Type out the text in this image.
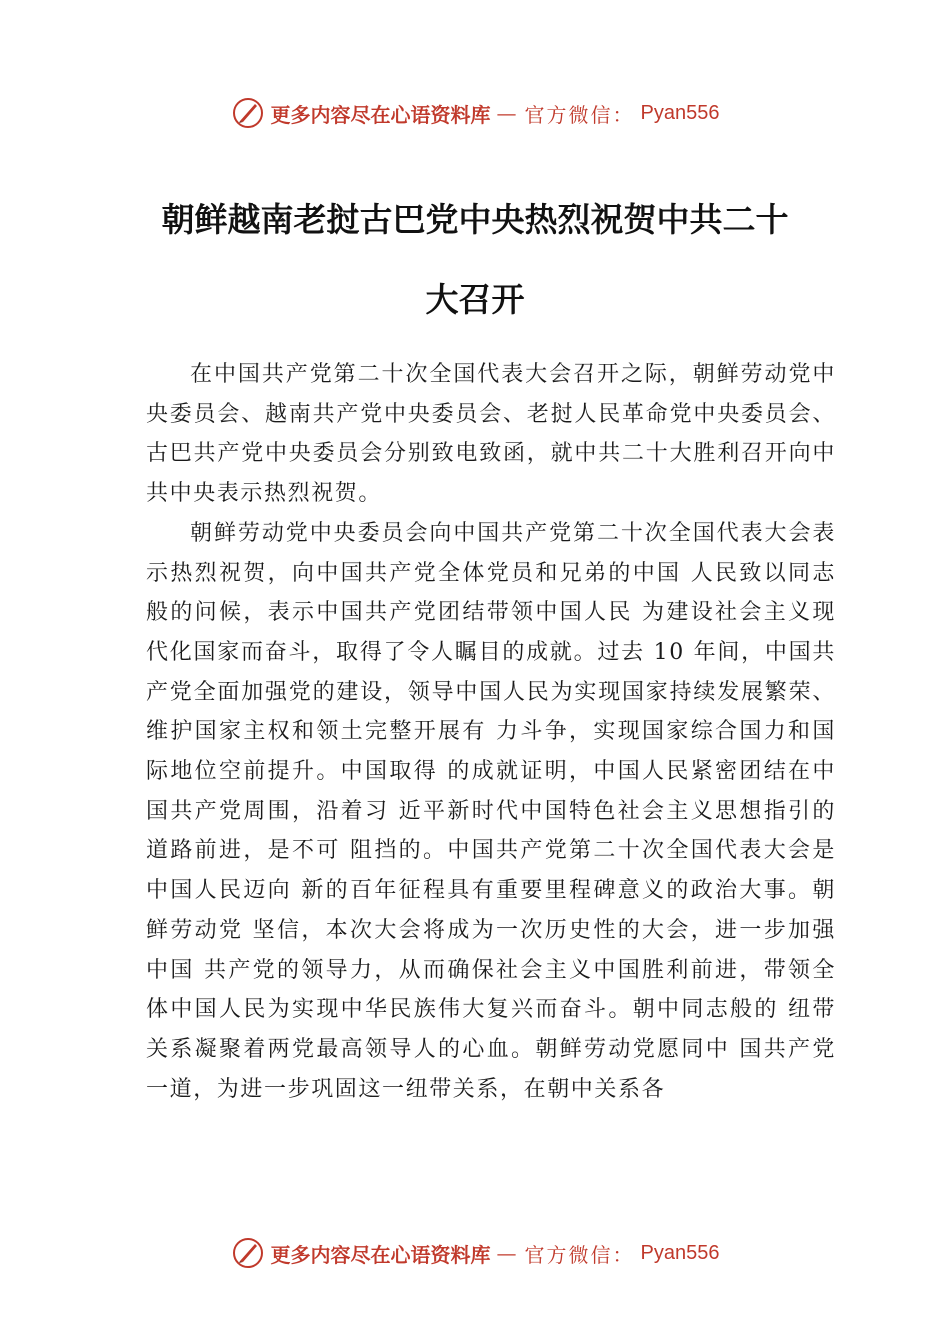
更多内容尽在心语资料库 — 官方微信： Pyan556
朝鲜越南老挝古巴党中央热烈祝贺中共二十大召开

在中国共产党第二十次全国代表大会召开之际，朝鲜劳动党中央委员会、越南共产党中央委员会、老挝人民革命党中央委员会、古巴共产党中央委员会分别致电致函，就中共二十大胜利召开向中共中央表示热烈祝贺。

朝鲜劳动党中央委员会向中国共产党第二十次全国代表大会表示热烈祝贺，向中国共产党全体党员和兄弟的中国 人民致以同志般的问候，表示中国共产党团结带领中国人民 为建设社会主义现代化国家而奋斗，取得了令人瞩目的成就。过去 10 年间，中国共产党全面加强党的建设，领导中国人民为实现国家持续发展繁荣、维护国家主权和领土完整开展有 力斗争，实现国家综合国力和国际地位空前提升。中国取得 的成就证明，中国人民紧密团结在中国共产党周围，沿着习 近平新时代中国特色社会主义思想指引的道路前进，是不可 阻挡的。中国共产党第二十次全国代表大会是中国人民迈向 新的百年征程具有重要里程碑意义的政治大事。朝鲜劳动党 坚信，本次大会将成为一次历史性的大会，进一步加强中国 共产党的领导力，从而确保社会主义中国胜利前进，带领全 体中国人民为实现中华民族伟大复兴而奋斗。朝中同志般的 纽带关系凝聚着两党最高领导人的心血。朝鲜劳动党愿同中 国共产党一道，为进一步巩固这一纽带关系，在朝中关系各

更多内容尽在心语资料库 — 官方微信： Pyan556
